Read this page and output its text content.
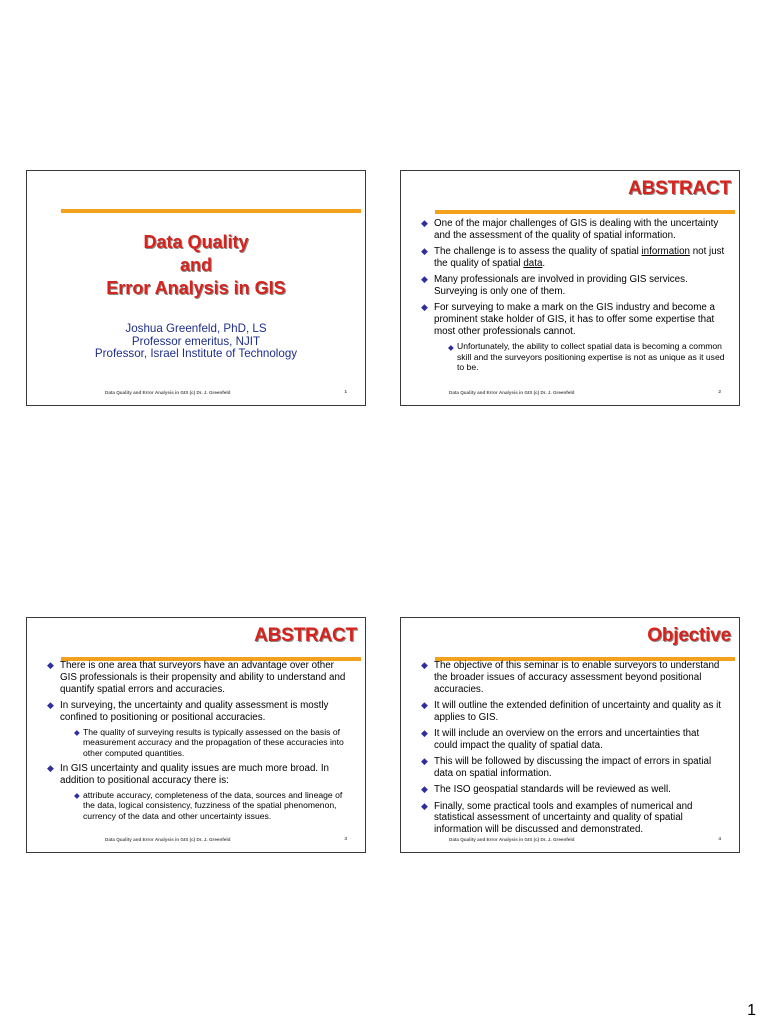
Data Quality
and
Error Analysis in GIS
Joshua Greenfeld, PhD, LS
Professor emeritus, NJIT
Professor, Israel Institute of Technology
Data Quality and Error Analysis in GIS (c) Dr. J. Greenfeld	1
ABSTRACT
◆ One of the major challenges of GIS is dealing with the uncertainty and the assessment of the quality of spatial information.
◆ The challenge is to assess the quality of spatial information not just the quality of spatial data.
◆ Many professionals are involved in providing GIS services. Surveying is only one of them.
◆ For surveying to make a mark on the GIS industry and become a prominent stake holder of GIS, it has to offer some expertise that most other professionals cannot.
◆ Unfortunately, the ability to collect spatial data is becoming a common skill and the surveyors positioning expertise is not as unique as it used to be.
Data Quality and Error Analysis in GIS (c) Dr. J. Greenfeld	2
ABSTRACT
◆ There is one area that surveyors have an advantage over other GIS professionals is their propensity and ability to understand and quantify spatial errors and accuracies.
◆ In surveying, the uncertainty and quality assessment is mostly confined to positioning or positional accuracies.
◆ The quality of surveying results is typically assessed on the basis of measurement accuracy and the propagation of these accuracies into other computed quantities.
◆ In GIS uncertainty and quality issues are much more broad. In addition to positional accuracy there is:
◆ attribute accuracy, completeness of the data, sources and lineage of the data, logical consistency, fuzziness of the spatial phenomenon, currency of the data and other uncertainty issues.
Data Quality and Error Analysis in GIS (c) Dr. J. Greenfeld	3
Objective
◆ The objective of this seminar is to enable surveyors to understand the broader issues of accuracy assessment beyond positional accuracies.
◆ It will outline the extended definition of uncertainty and quality as it applies to GIS.
◆ It will include an overview on the errors and uncertainties that could impact the quality of spatial data.
◆ This will be followed by discussing the impact of errors in spatial data on spatial information.
◆ The ISO geospatial standards will be reviewed as well.
◆ Finally, some practical tools and examples of numerical and statistical assessment of uncertainty and quality of spatial information will be discussed and demonstrated.
Data Quality and Error Analysis in GIS (c) Dr. J. Greenfeld	4
1
